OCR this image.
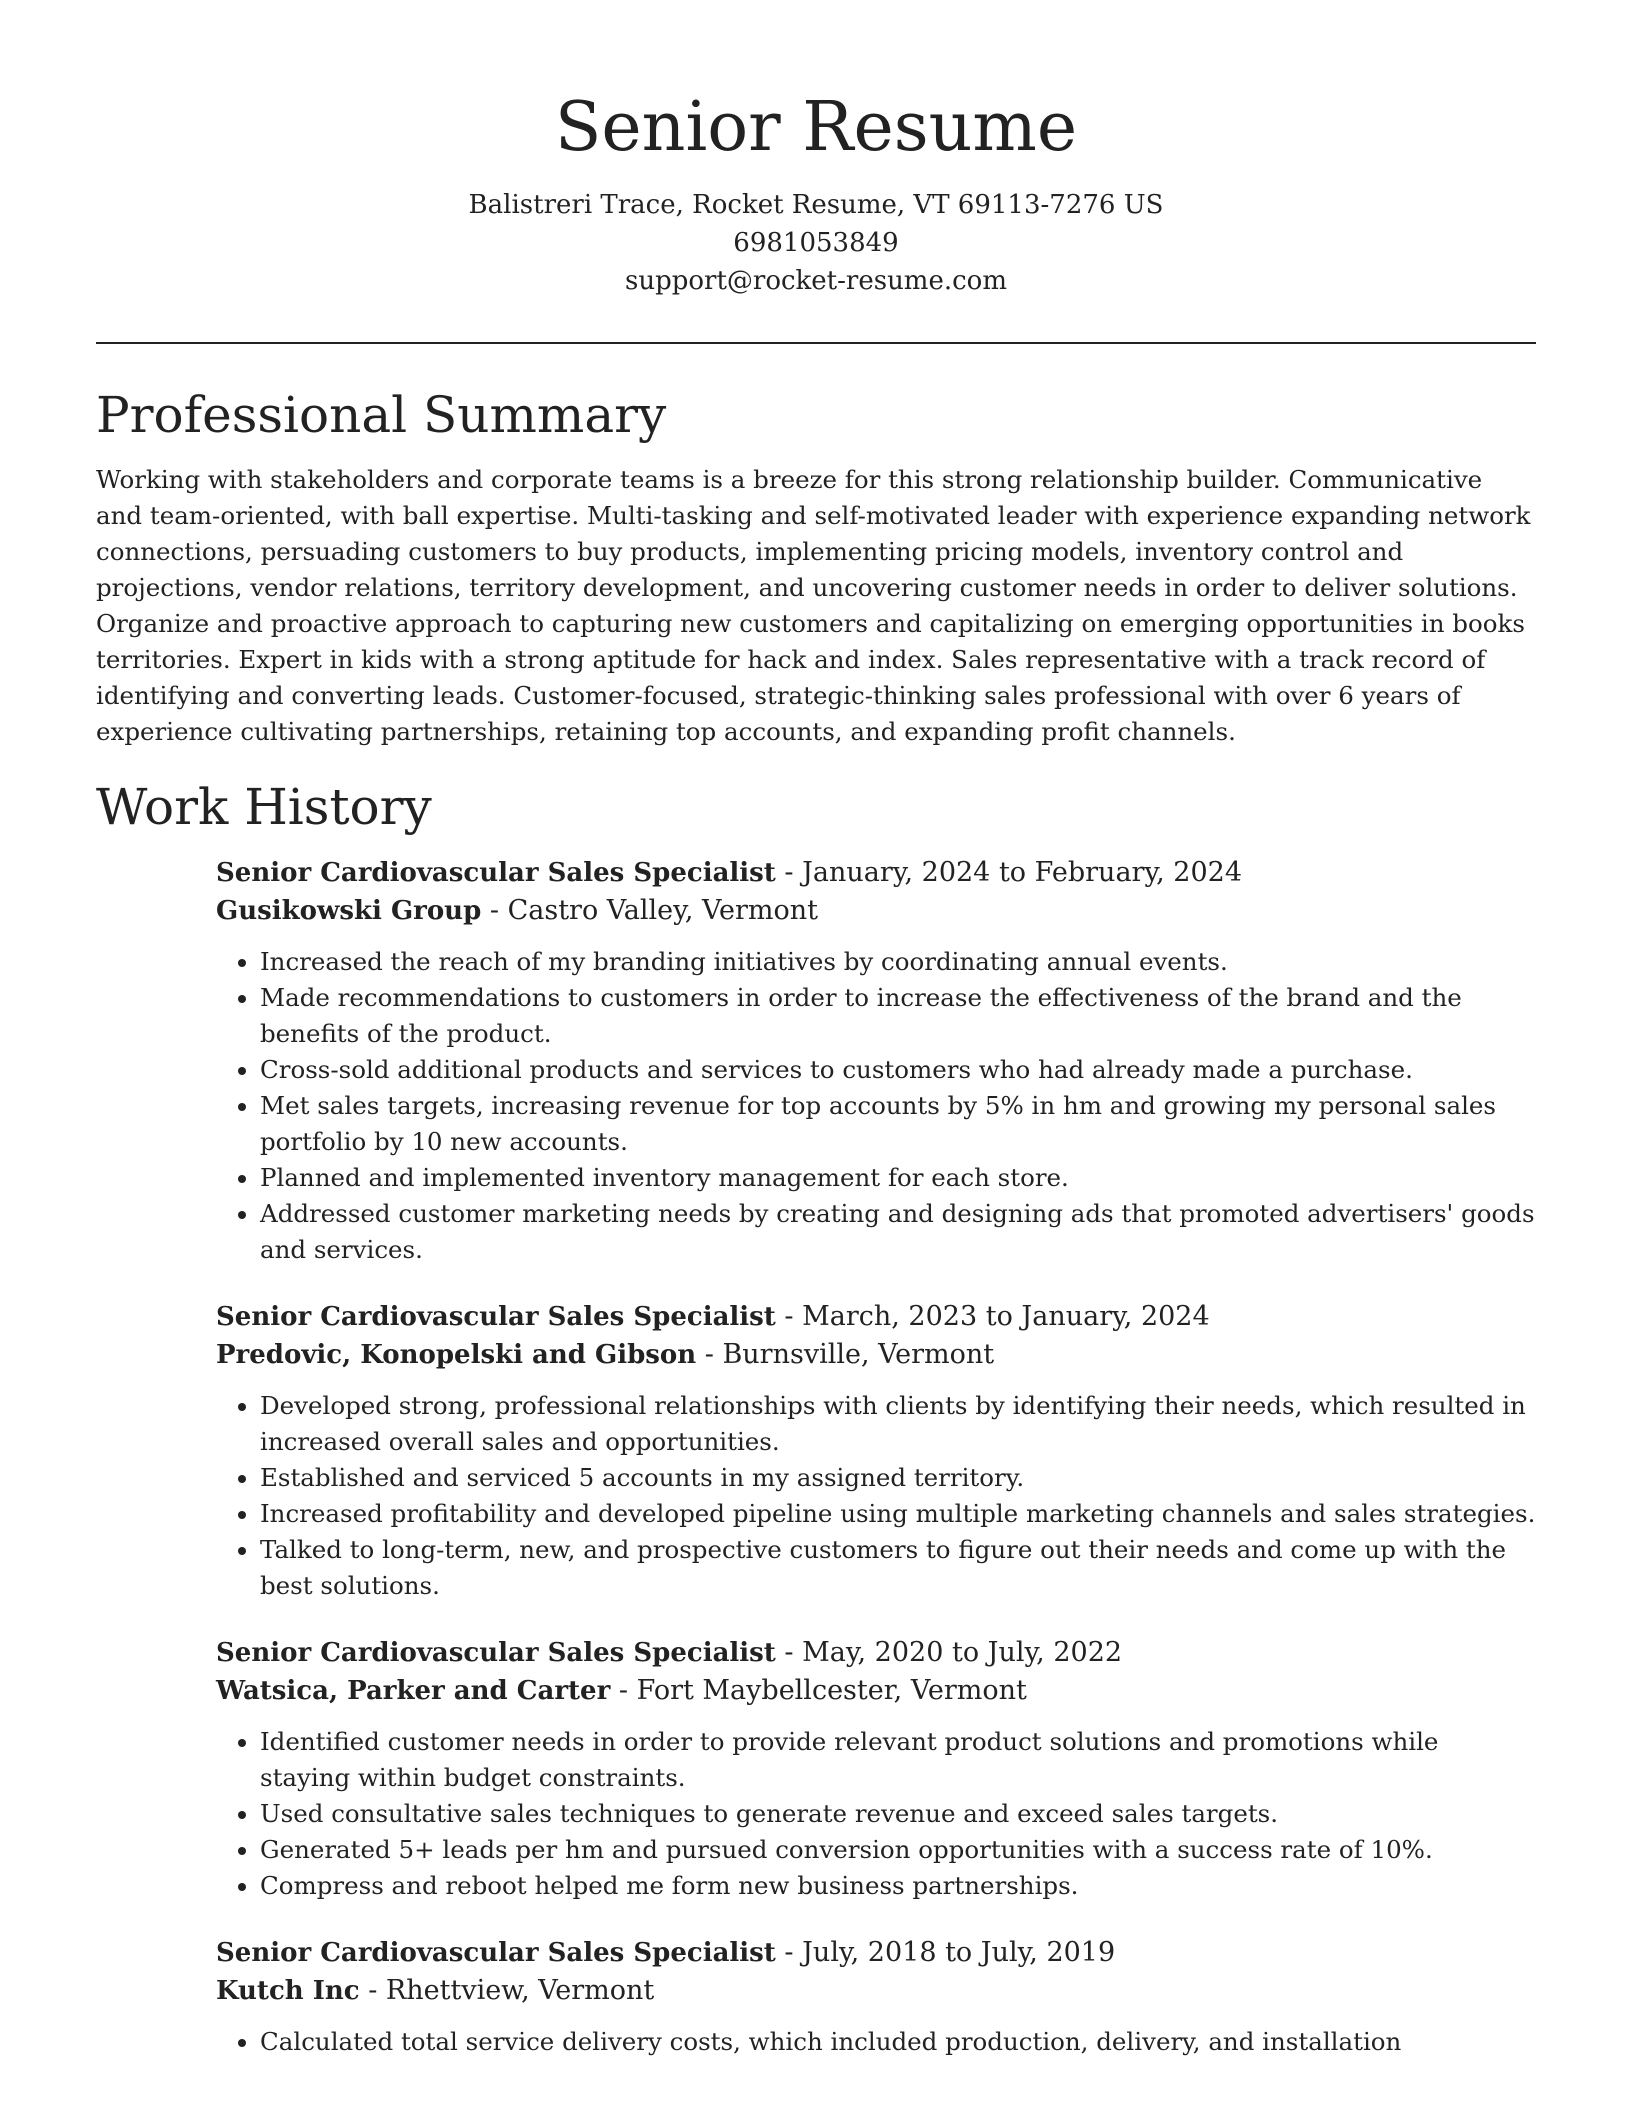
Senior Resume
Balistreri Trace, Rocket Resume, VT 69113-7276 US
6981053849
support@rocket-resume.com
Professional Summary

Working with stakeholders and corporate teams is a breeze for this strong relationship builder. Communicative and team-oriented, with ball expertise. Multi-tasking and self-motivated leader with experience expanding network connections, persuading customers to buy products, implementing pricing models, inventory control and projections, vendor relations, territory development, and uncovering customer needs in order to deliver solutions. Organize and proactive approach to capturing new customers and capitalizing on emerging opportunities in books territories. Expert in kids with a strong aptitude for hack and index. Sales representative with a track record of identifying and converting leads. Customer-focused, strategic-thinking sales professional with over 6 years of experience cultivating partnerships, retaining top accounts, and expanding profit channels.

Work History
Senior Cardiovascular Sales Specialist - January, 2024 to February, 2024
Gusikowski Group - Castro Valley, Vermont
• Increased the reach of my branding initiatives by coordinating annual events.
• Made recommendations to customers in order to increase the effectiveness of the brand and the benefits of the product.
• Cross-sold additional products and services to customers who had already made a purchase.
• Met sales targets, increasing revenue for top accounts by 5% in hm and growing my personal sales portfolio by 10 new accounts.
• Planned and implemented inventory management for each store.
• Addressed customer marketing needs by creating and designing ads that promoted advertisers' goods and services.
Senior Cardiovascular Sales Specialist - March, 2023 to January, 2024
Predovic, Konopelski and Gibson - Burnsville, Vermont
• Developed strong, professional relationships with clients by identifying their needs, which resulted in increased overall sales and opportunities.
• Established and serviced 5 accounts in my assigned territory.
• Increased profitability and developed pipeline using multiple marketing channels and sales strategies.
• Talked to long-term, new, and prospective customers to figure out their needs and come up with the best solutions.
Senior Cardiovascular Sales Specialist - May, 2020 to July, 2022
Watsica, Parker and Carter - Fort Maybellcester, Vermont
• Identified customer needs in order to provide relevant product solutions and promotions while staying within budget constraints.
• Used consultative sales techniques to generate revenue and exceed sales targets.
• Generated 5+ leads per hm and pursued conversion opportunities with a success rate of 10%.
• Compress and reboot helped me form new business partnerships.
Senior Cardiovascular Sales Specialist - July, 2018 to July, 2019
Kutch Inc - Rhettview, Vermont
• Calculated total service delivery costs, which included production, delivery, and installation
